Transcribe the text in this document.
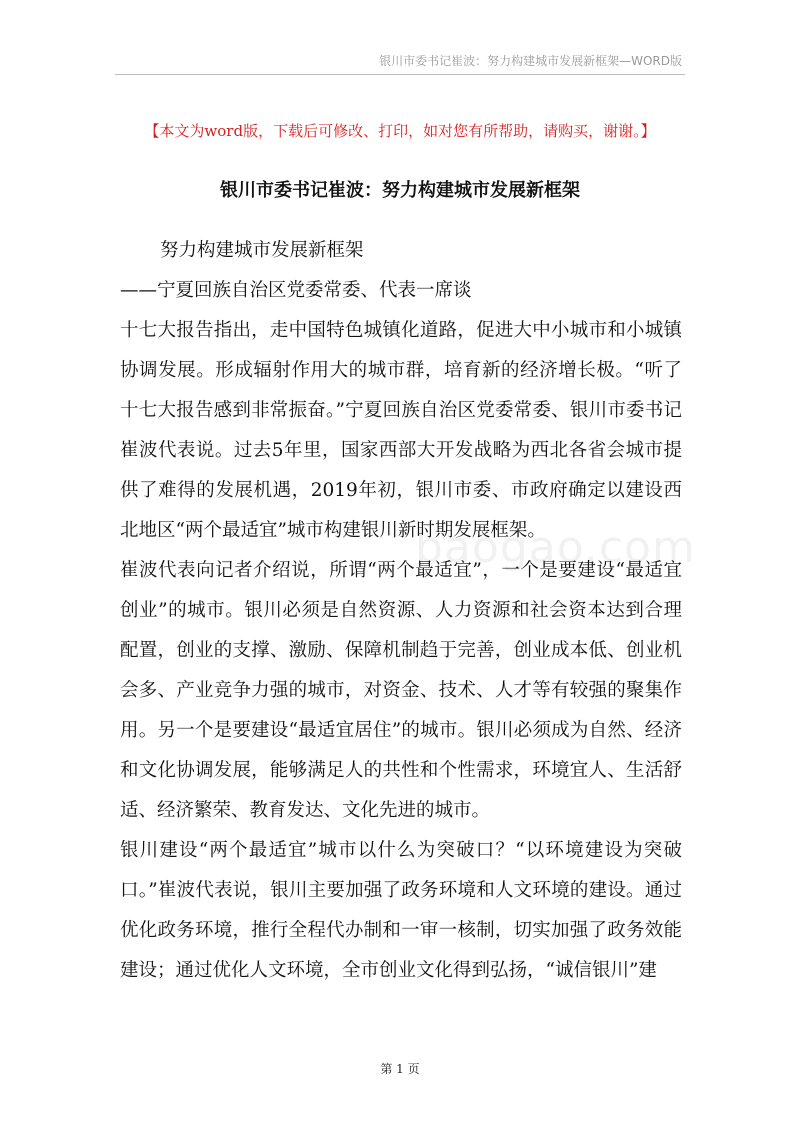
银川市委书记崔波：努力构建城市发展新框架—WORD版
【本文为word版，下载后可修改、打印，如对您有所帮助，请购买，谢谢。】
银川市委书记崔波：努力构建城市发展新框架

努力构建城市发展新框架

——宁夏回族自治区党委常委、代表一席谈

十七大报告指出，走中国特色城镇化道路，促进大中小城市和小城镇协调发展。形成辐射作用大的城市群，培育新的经济增长极。“听了十七大报告感到非常振奋。”宁夏回族自治区党委常委、银川市委书记崔波代表说。过去5年里，国家西部大开发战略为西北各省会城市提供了难得的发展机遇，2019年初，银川市委、市政府确定以建设西北地区“两个最适宜”城市构建银川新时期发展框架。

崔波代表向记者介绍说，所谓“两个最适宜”，一个是要建设“最适宜创业”的城市。银川必须是自然资源、人力资源和社会资本达到合理配置，创业的支撑、激励、保障机制趋于完善，创业成本低、创业机会多、产业竞争力强的城市，对资金、技术、人才等有较强的聚集作用。另一个是要建设“最适宜居住”的城市。银川必须成为自然、经济和文化协调发展，能够满足人的共性和个性需求，环境宜人、生活舒适、经济繁荣、教育发达、文化先进的城市。

银川建设“两个最适宜”城市以什么为突破口？“以环境建设为突破口。”崔波代表说，银川主要加强了政务环境和人文环境的建设。通过优化政务环境，推行全程代办制和一审一核制，切实加强了政务效能建设；通过优化人文环境，全市创业文化得到弘扬，“诚信银川”建

baogao.com
第 1 页
